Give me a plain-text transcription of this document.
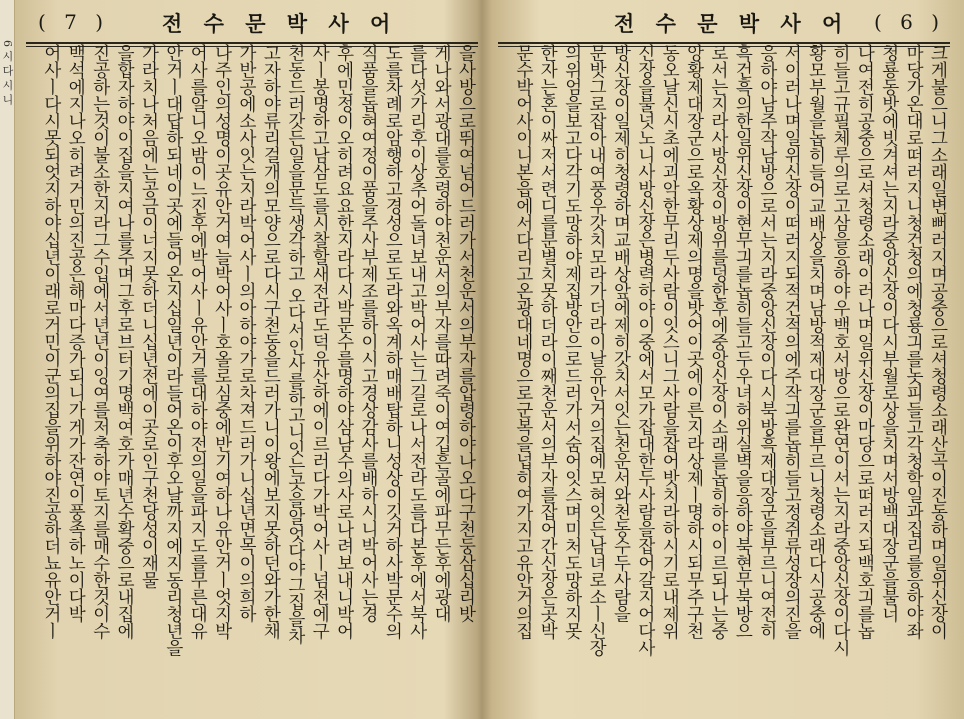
6 시 다 시 니
( 7 )	전 수 문 박 사 어
을사방으로뛰여넘어드러가서천운서의부자를압령하야나오다구천둥삼십리밧
게나와서광대를호령하야천운서의부자를따려죽이여깁흔골에파무든후에광대
를다섯가리후이상추어돌녀보내고박어사는그길로나서전라도를다본후에서북사
도를차례로암행하고경성으로도라와옥계하매배탑하니성상이깃거하사박문수의
직품을돕혀여정이품을주사부제조를하이시고경상감사를배하시니박어사는경
후에민정이오히려요요한지라다시박문수를명하야삼남수의사로나려보내니박어
사ㅣ봉명하고남삼도를시찰할새전라도덕유산하에이르러다가박어사ㅣ넘전에구
천동드러갓든일을문득생각하고 오다서인사를하고니잇는곳을알엇다야그집을차
고자하야류리걸개의모양으로다시구천동을드러가니이왕에보지못하던와가한채
가반공에소사잇는지라박어사ㅣ의아하야가로차져드러가니십년면목이의희하
나주인의성명이곳유안거여늘박어사ㅣ호올로심중에반기여하나유안거ㅣ엇지박
어사를알니오밤이느진후에박어사ㅣ유안거를대하야전의일을파지도를무른대유
안거ㅣ대답하되네이곳에들어온지십일년이라들어온이후오날까지에지동리청년을
가라치나처음에는공금이너지못하더니십년전에이곳로인구천당성이재물
을합자하야이집을지여나를주며그후로브터기명백여호가매년수확중으로내집에
진공하는것이불소한지라그수입에서년년이잉여를저축하야토지를매수한것이수
백석에지나오히려거민의진공은해마다증가되니가게가잔연이풍족하노이다박
어사ㅣ다시못되엇지하야십년이래로거민이군의집을위하야진공하더뇨유안거ㅣ
전 수 문 박 사 어 ( 6 )
크게불으니그소래일변뻐러지며공중으로셔청령소래산곡이진동하며일위신장이
마당가온대로떠러지니청건청의에청룡긔를놋피들고각청학일과집리를응하야좌
청룡동밧에빗겨셔는지라중앙신장이다시부월로상을치며서방백대장군을불너
나여전히공중으로셔청령소래이러나며일위신장이마당으로떠러지되백호긔를놉
히들고규필체루의로고삼을응하야우백호서방으로완연이서는지라중앙신장이다시
황모부월을놉히들어교배상을치며남방적제대장군을부르니청령소래다시공중에
서이러나며일위신장이떠러지되적건적의에주작긔를놉히들고정쥐류성장의진을
응하야남주작남방으로서는지라중앙신장이다시북방흑제대장군을부르니여전히
흑건흑의한일위신장이현무긔를놉히들고두우녀허위실벽을응하야북현무북방으
로서는지라사방신장이방위를덩한후에중앙신장이소래를놉히하야이르되나는중
앙황제대장군으로옥황상제의명을밧어이곳에이른지라상제ㅣ명하시되무주구천
동오날신시초에괴악한무리두사람이잇스니그사람을잡어밧치라하시기로내제위
신장을불넛노니사방신장은병력하야이중에서모가잡대한두사람을잡어갈지어다사
방신장이일제히청령하며교배상앞에제히갓치서잇는천운서와천동수두사람을
문밧그로잡아내여풍우갓치모라가더라이날유안거의집에모혀잇든남녀로소ㅣ신장
의위엄을보고다각기도망하야제집방안으로드러가서숨어잇스며미처도망하지못
한자는혼이싸저서련디를분별치못하더라이째천운서의부자를잡어간신장은곳박
문수박어사이니본읍에서다리고온광대네명으로군복을넙히여가지고유안거의집
